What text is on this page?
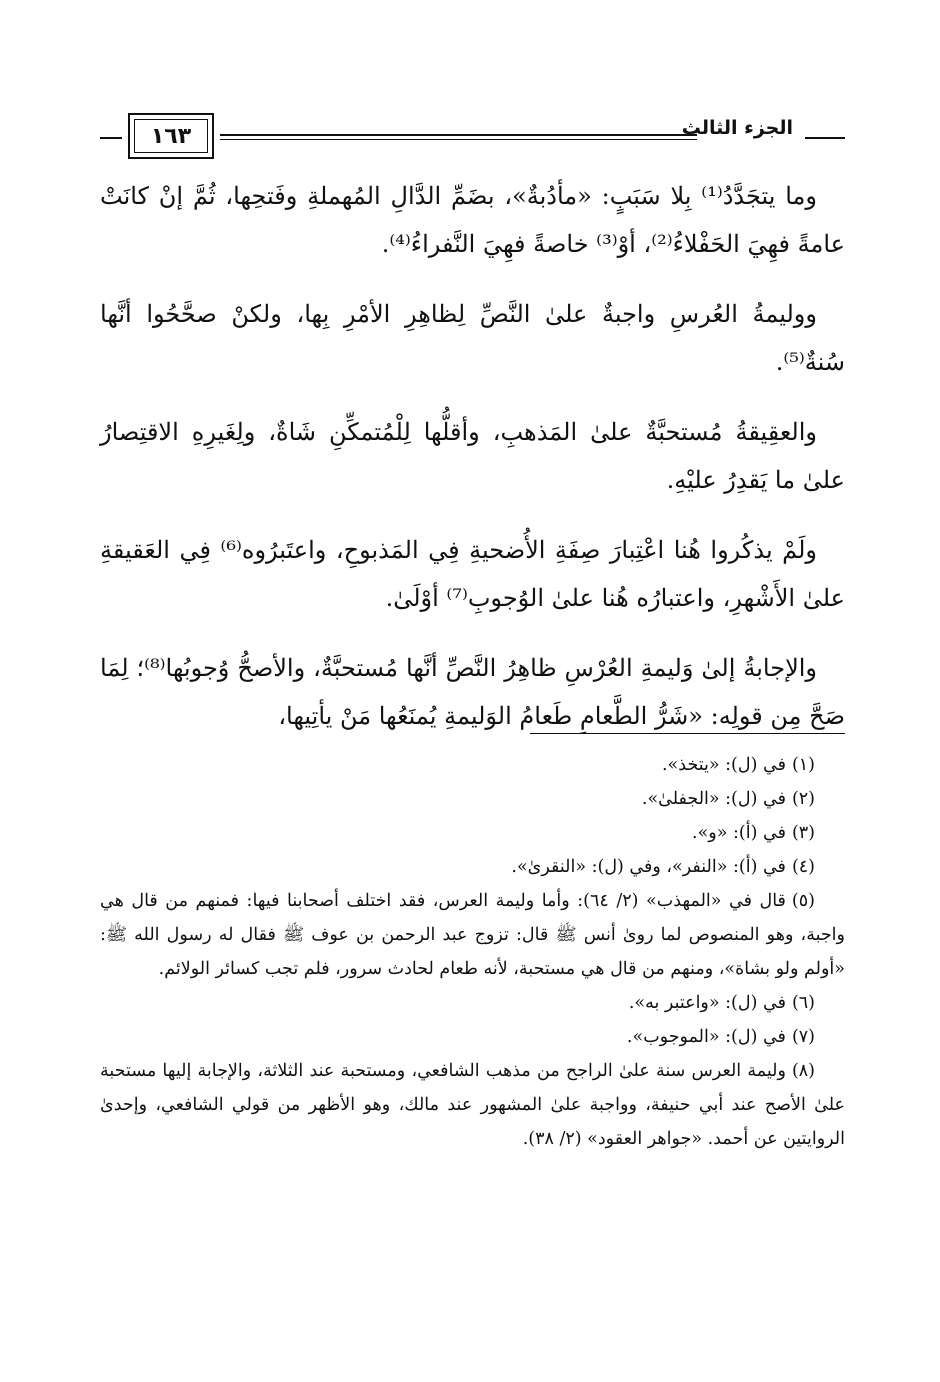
١٦٣	الجزء الثالث

وما يتجَدَّدُ⁽¹⁾ بِلا سَبَبٍ: «مأدُبةٌ»، بضَمِّ الدَّالِ المُهملةِ وفَتحِها، ثُمَّ إنْ كانَتْ عامةً فهِيَ الحَفْلاءُ⁽²⁾، أوْ⁽³⁾ خاصةً فهِيَ النَّفراءُ⁽⁴⁾.

ووليمةُ العُرسِ واجبةٌ علىٰ النَّصِّ لِظاهِرِ الأمْرِ بِها، ولكنْ صحَّحُوا أنَّها سُنةٌ⁽⁵⁾.

والعقِيقةُ مُستحبَّةٌ علىٰ المَذهبِ، وأقلُّها لِلْمُتمكِّنِ شَاةٌ، ولِغَيرِهِ الاقتِصارُ علىٰ ما يَقدِرُ عليْهِ.

ولَمْ يذكُروا هُنا اعْتِبارَ صِفَةِ الأُضحيةِ فِي المَذبوحِ، واعتَبرُوه⁽⁶⁾ فِي العَقيقةِ علىٰ الأَشْهرِ، واعتبارُه هُنا علىٰ الوُجوبِ⁽⁷⁾ أوْلَىٰ.

والإجابةُ إلىٰ وَليمةِ العُرْسِ ظاهِرُ النَّصِّ أنَّها مُستحبَّةٌ، والأصحُّ وُجوبُها⁽⁸⁾؛ لِمَا صَحَّ مِن قولِه: «شَرُّ الطَّعامِ طَعامُ الوَليمةِ يُمنَعُها مَنْ يأتِيها،

(١)في (ل): «يتخذ».
(٢)في (ل): «الجفلىٰ».
(٣)في (أ): «و».
(٤)في (أ): «النفر»، وفي (ل): «النقرىٰ».
(٥)قال في «المهذب» (٢/ ٦٤): وأما وليمة العرس، فقد اختلف أصحابنا فيها: فمنهم من قال هي واجبة، وهو المنصوص لما روىٰ أنس ﷺ قال: تزوج عبد الرحمن بن عوف ﷺ فقال له رسول الله ﷺ: «أولم ولو بشاة»، ومنهم من قال هي مستحبة، لأنه طعام لحادث سرور، فلم تجب كسائر الولائم.
(٦)في (ل): «واعتبر به».
(٧)في (ل): «الموجوب».
(٨)وليمة العرس سنة علىٰ الراجح من مذهب الشافعي، ومستحبة عند الثلاثة، والإجابة إليها مستحبة علىٰ الأصح عند أبي حنيفة، وواجبة علىٰ المشهور عند مالك، وهو الأظهر من قولي الشافعي، وإحدىٰ الروايتين عن أحمد. «جواهر العقود» (٢/ ٣٨).
